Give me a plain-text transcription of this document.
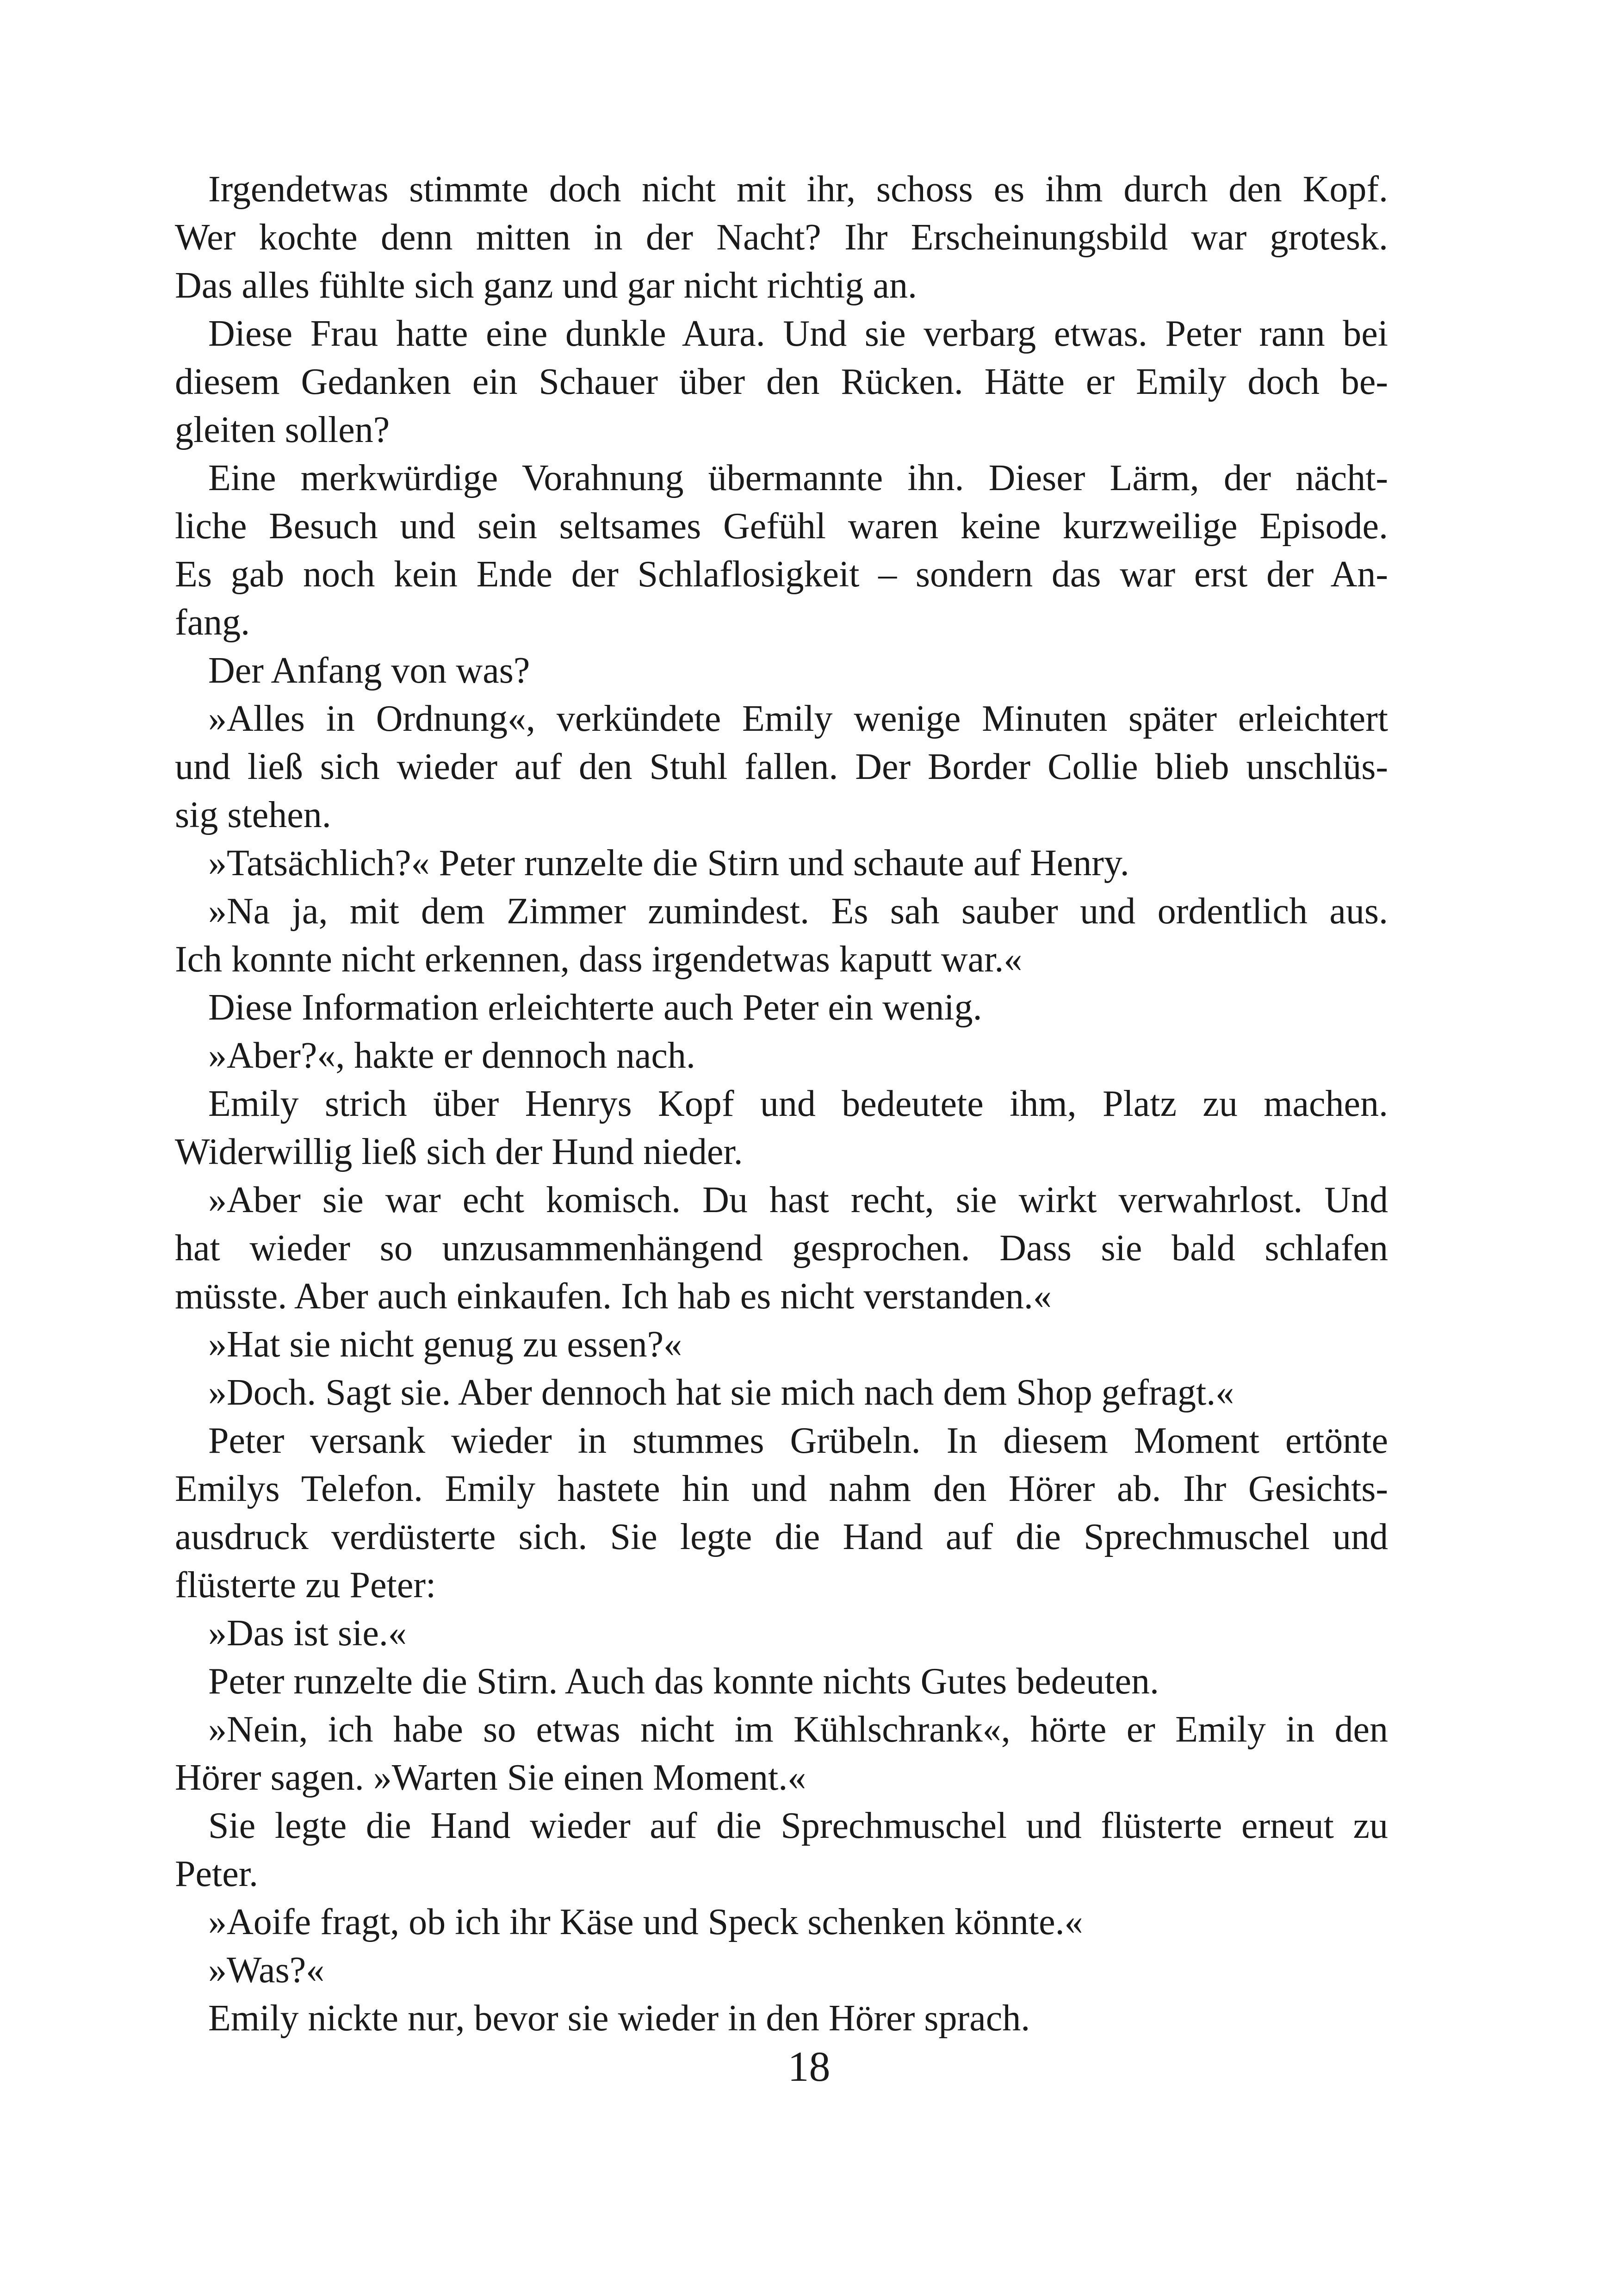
Irgendetwas stimmte doch nicht mit ihr, schoss es ihm durch den Kopf.
Wer kochte denn mitten in der Nacht? Ihr Erscheinungsbild war grotesk.
Das alles fühlte sich ganz und gar nicht richtig an.
Diese Frau hatte eine dunkle Aura. Und sie verbarg etwas. Peter rann bei
diesem Gedanken ein Schauer über den Rücken. Hätte er Emily doch be-
gleiten sollen?
Eine merkwürdige Vorahnung übermannte ihn. Dieser Lärm, der nächt-
liche Besuch und sein seltsames Gefühl waren keine kurzweilige Episode.
Es gab noch kein Ende der Schlaflosigkeit – sondern das war erst der An-
fang.
Der Anfang von was?
»Alles in Ordnung«, verkündete Emily wenige Minuten später erleichtert
und ließ sich wieder auf den Stuhl fallen. Der Border Collie blieb unschlüs-
sig stehen.
»Tatsächlich?« Peter runzelte die Stirn und schaute auf Henry.
»Na ja, mit dem Zimmer zumindest. Es sah sauber und ordentlich aus.
Ich konnte nicht erkennen, dass irgendetwas kaputt war.«
Diese Information erleichterte auch Peter ein wenig.
»Aber?«, hakte er dennoch nach.
Emily strich über Henrys Kopf und bedeutete ihm, Platz zu machen.
Widerwillig ließ sich der Hund nieder.
»Aber sie war echt komisch. Du hast recht, sie wirkt verwahrlost. Und
hat wieder so unzusammenhängend gesprochen. Dass sie bald schlafen
müsste. Aber auch einkaufen. Ich hab es nicht verstanden.«
»Hat sie nicht genug zu essen?«
»Doch. Sagt sie. Aber dennoch hat sie mich nach dem Shop gefragt.«
Peter versank wieder in stummes Grübeln. In diesem Moment ertönte
Emilys Telefon. Emily hastete hin und nahm den Hörer ab. Ihr Gesichts-
ausdruck verdüsterte sich. Sie legte die Hand auf die Sprechmuschel und
flüsterte zu Peter:
»Das ist sie.«
Peter runzelte die Stirn. Auch das konnte nichts Gutes bedeuten.
»Nein, ich habe so etwas nicht im Kühlschrank«, hörte er Emily in den
Hörer sagen. »Warten Sie einen Moment.«
Sie legte die Hand wieder auf die Sprechmuschel und flüsterte erneut zu
Peter.
»Aoife fragt, ob ich ihr Käse und Speck schenken könnte.«
»Was?«
Emily nickte nur, bevor sie wieder in den Hörer sprach.
18
